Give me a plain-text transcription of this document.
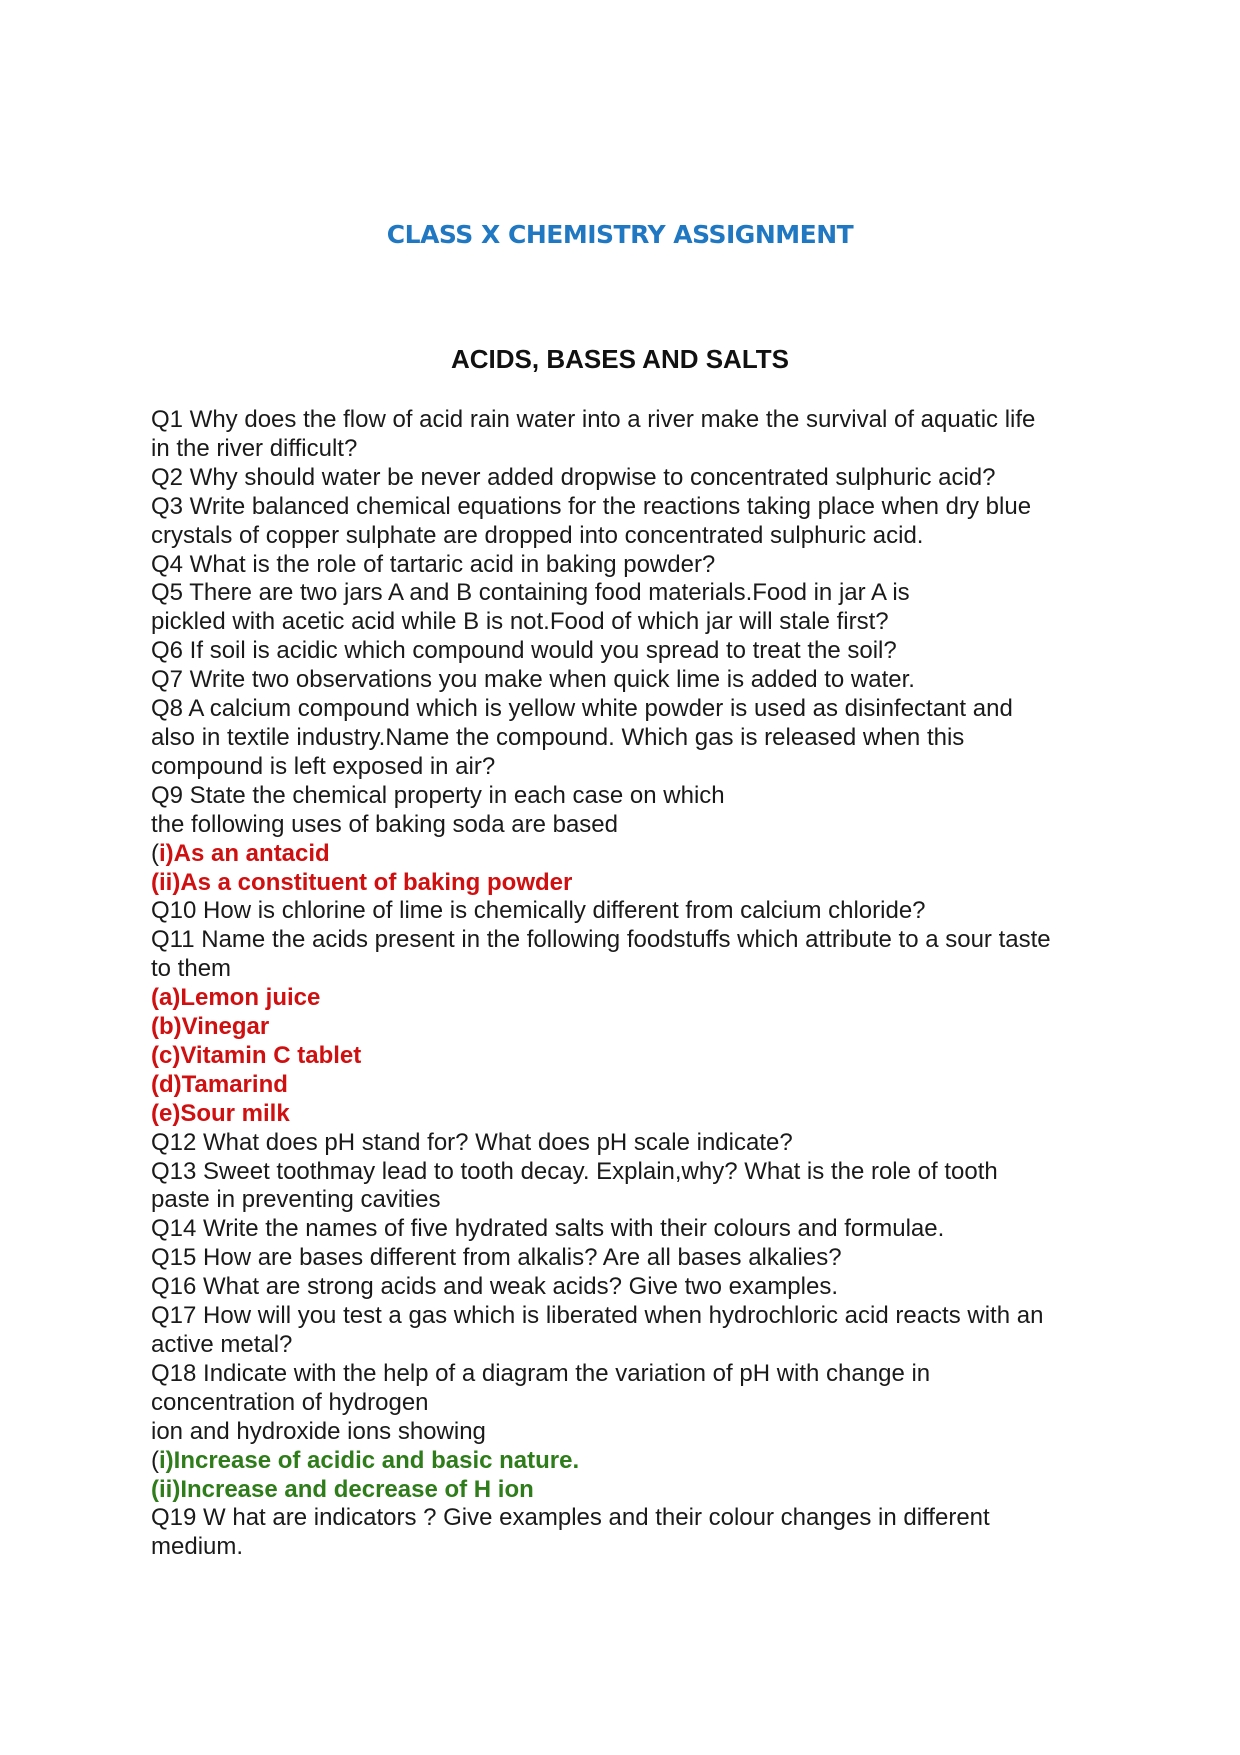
CLASS X CHEMISTRY ASSIGNMENT
ACIDS, BASES AND SALTS
Q1 Why does the flow of acid rain water into a river make the survival of aquatic life
in the river difficult?
Q2 Why should water be never added dropwise to concentrated sulphuric acid?
Q3 Write balanced chemical equations for the reactions taking place when dry blue
crystals of copper sulphate are dropped into concentrated sulphuric acid.
Q4 What is the role of tartaric acid in baking powder?
Q5 There are two jars A and B containing food materials.Food in jar A is
pickled with acetic acid while B is not.Food of which jar will stale first?
Q6 If soil is acidic which compound would you spread to treat the soil?
Q7 Write two observations you make when quick lime is added to water.
Q8 A calcium compound which is yellow white powder is used as disinfectant and
also in textile industry.Name the compound. Which gas is released when this
compound is left exposed in air?
Q9 State the chemical property in each case on which
the following uses of baking soda are based
(i)As an antacid
(ii)As a constituent of baking powder
Q10 How is chlorine of lime is chemically different from calcium chloride?
Q11 Name the acids present in the following foodstuffs which attribute to a sour taste
to them
(a)Lemon juice
(b)Vinegar
(c)Vitamin C tablet
(d)Tamarind
(e)Sour milk
Q12 What does pH stand for? What does pH scale indicate?
Q13 Sweet toothmay lead to tooth decay. Explain,why? What is the role of tooth
paste in preventing cavities
Q14 Write the names of five hydrated salts with their colours and formulae.
Q15 How are bases different from alkalis? Are all bases alkalies?
Q16 What are strong acids and weak acids? Give two examples.
Q17 How will you test a gas which is liberated when hydrochloric acid reacts with an
active metal?
Q18 Indicate with the help of a diagram the variation of pH with change in
concentration of hydrogen
ion and hydroxide ions showing
(i)Increase of acidic and basic nature.
(ii)Increase and decrease of H ion
Q19 W hat are indicators ? Give examples and their colour changes in different
medium.
